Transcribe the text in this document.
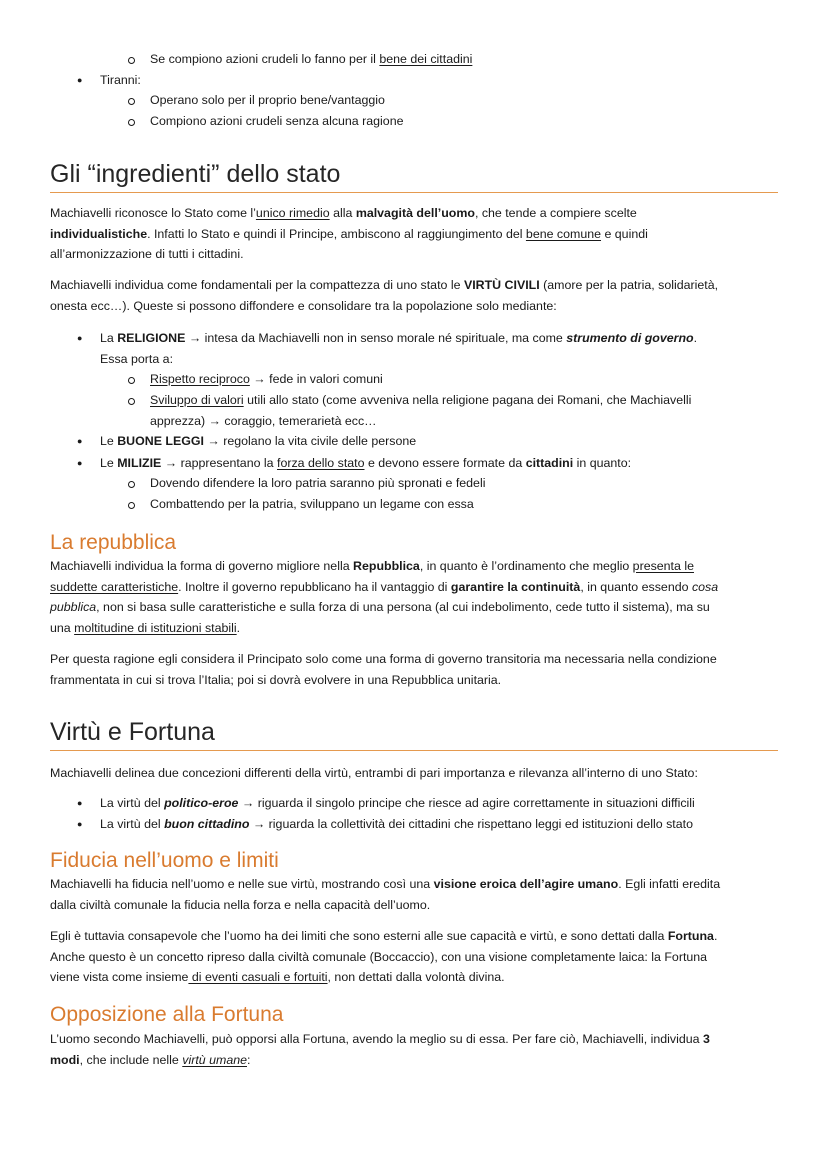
Se compiono azioni crudeli lo fanno per il bene dei cittadini
● Tiranni:
Operano solo per il proprio bene/vantaggio
Compiono azioni crudeli senza alcuna ragione
Gli “ingredienti” dello stato

Machiavelli riconosce lo Stato come l’unico rimedio alla malvagità dell’uomo, che tende a compiere scelte
individualistiche. Infatti lo Stato e quindi il Principe, ambiscono al raggiungimento del bene comune e quindi
all’armonizzazione di tutti i cittadini.

Machiavelli individua come fondamentali per la compattezza di uno stato le VIRTÙ CIVILI (amore per la patria, solidarietà,
onesta ecc…). Queste si possono diffondere e consolidare tra la popolazione solo mediante:

● La RELIGIONE → intesa da Machiavelli non in senso morale né spirituale, ma come strumento di governo.
Essa porta a:
Rispetto reciproco → fede in valori comuni
Sviluppo di valori utili allo stato (come avveniva nella religione pagana dei Romani, che Machiavelli
apprezza) → coraggio, temerarietà ecc…
● Le BUONE LEGGI → regolano la vita civile delle persone
● Le MILIZIE → rappresentano la forza dello stato e devono essere formate da cittadini in quanto:
Dovendo difendere la loro patria saranno più spronati e fedeli
Combattendo per la patria, sviluppano un legame con essa
La repubblica

Machiavelli individua la forma di governo migliore nella Repubblica, in quanto è l’ordinamento che meglio presenta le
suddette caratteristiche. Inoltre il governo repubblicano ha il vantaggio di garantire la continuità, in quanto essendo cosa
pubblica, non si basa sulle caratteristiche e sulla forza di una persona (al cui indebolimento, cede tutto il sistema), ma su
una moltitudine di istituzioni stabili.

Per questa ragione egli considera il Principato solo come una forma di governo transitoria ma necessaria nella condizione
frammentata in cui si trova l’Italia; poi si dovrà evolvere in una Repubblica unitaria.

Virtù e Fortuna

Machiavelli delinea due concezioni differenti della virtù, entrambi di pari importanza e rilevanza all’interno di uno Stato:

● La virtù del politico-eroe → riguarda il singolo principe che riesce ad agire correttamente in situazioni difficili
● La virtù del buon cittadino → riguarda la collettività dei cittadini che rispettano leggi ed istituzioni dello stato
Fiducia nell’uomo e limiti

Machiavelli ha fiducia nell’uomo e nelle sue virtù, mostrando così una visione eroica dell’agire umano. Egli infatti eredita
dalla civiltà comunale la fiducia nella forza e nella capacità dell’uomo.

Egli è tuttavia consapevole che l’uomo ha dei limiti che sono esterni alle sue capacità e virtù, e sono dettati dalla Fortuna.
Anche questo è un concetto ripreso dalla civiltà comunale (Boccaccio), con una visione completamente laica: la Fortuna
viene vista come insieme di eventi casuali e fortuiti, non dettati dalla volontà divina.

Opposizione alla Fortuna

L’uomo secondo Machiavelli, può opporsi alla Fortuna, avendo la meglio su di essa. Per fare ciò, Machiavelli, individua 3
modi, che include nelle virtù umane:
